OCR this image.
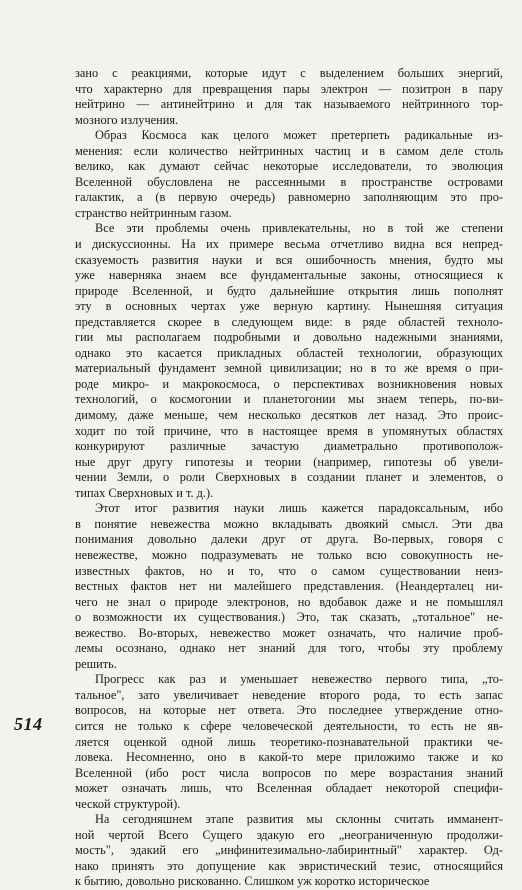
514
зано с реакциями, которые идут с выделением больших энергий,
что характерно для превращения пары электрон — позитрон в пару
нейтрино — антинейтрино и для так называемого нейтринного тор-
мозного излучения.
Образ Космоса как целого может претерпеть радикальные из-
менения: если количество нейтринных частиц и в самом деле столь
велико, как думают сейчас некоторые исследователи, то эволюция
Вселенной обусловлена не рассеянными в пространстве островами
галактик, а (в первую очередь) равномерно заполняющим это про-
странство нейтринным газом.
Все эти проблемы очень привлекательны, но в той же степени
и дискуссионны. На их примере весьма отчетливо видна вся непред-
сказуемость развития науки и вся ошибочность мнения, будто мы
уже наверняка знаем все фундаментальные законы, относящиеся к
природе Вселенной, и будто дальнейшие открытия лишь пополнят
эту в основных чертах уже верную картину. Нынешняя ситуация
представляется скорее в следующем виде: в ряде областей техноло-
гии мы располагаем подробными и довольно надежными знаниями,
однако это касается прикладных областей технологии, образующих
материальный фундамент земной цивилизации; но в то же время о при-
роде микро- и макрокосмоса, о перспективах возникновения новых
технологий, о космогонии и планетогонии мы знаем теперь, по-ви-
димому, даже меньше, чем несколько десятков лет назад. Это проис-
ходит по той причине, что в настоящее время в упомянутых областях
конкурируют различные зачастую диаметрально противополож-
ные друг другу гипотезы и теории (например, гипотезы об увели-
чении Земли, о роли Сверхновых в создании планет и элементов, о
типах Сверхновых и т. д.).
Этот итог развития науки лишь кажется парадоксальным, ибо
в понятие невежества можно вкладывать двоякий смысл. Эти два
понимания довольно далеки друг от друга. Во-первых, говоря с
невежестве, можно подразумевать не только всю совокупность не-
известных фактов, но и то, что о самом существовании неиз-
вестных фактов нет ни малейшего представления. (Неандерталец ни-
чего не знал о природе электронов, но вдобавок даже и не помышлял
о возможности их существования.) Это, так сказать, „тотальное" не-
вежество. Во-вторых, невежество может означать, что наличие проб-
лемы осознано, однако нет знаний для того, чтобы эту проблему
решить.
Прогресс как раз и уменьшает невежество первого типа, „то-
тальное", зато увеличивает неведение второго рода, то есть запас
вопросов, на которые нет ответа. Это последнее утверждение отно-
сится не только к сфере человеческой деятельности, то есть не яв-
ляется оценкой одной лишь теоретико-познавательной практики че-
ловека. Несомненно, оно в какой-то мере приложимо также и ко
Вселенной (ибо рост числа вопросов по мере возрастания знаний
может означать лишь, что Вселенная обладает некоторой специфи-
ческой структурой).
На сегодняшнем этапе развития мы склонны считать имманент-
ной чертой Всего Сущего эдакую его „неограниченную продолжи-
мость", эдакий его „инфинитезимально-лабиринтный" характер. Од-
нако принять это допущение как эвристический тезис, относящийся
к бытию, довольно рискованно. Слишком уж коротко историческое
